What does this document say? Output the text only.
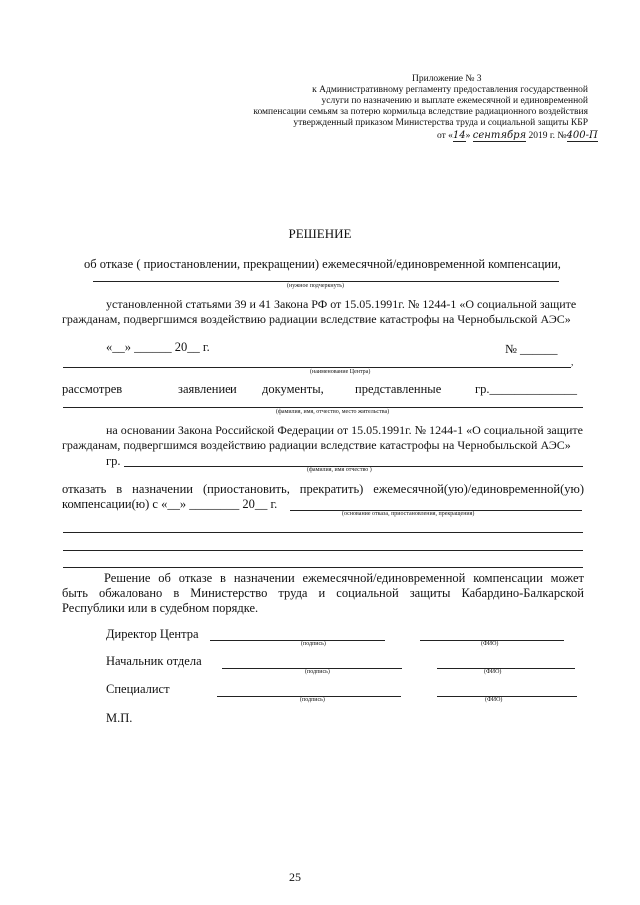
Приложение № 3
к Административному регламенту предоставления государственной
услуги по назначению и выплате ежемесячной и единовременной
компенсации семьям за потерю кормильца вследствие радиационного воздействия
утвержденный приказом Министерства труда и социальной защиты КБР
от «14» сентября 2019 г. №400-П
РЕШЕНИЕ
об отказе ( приостановлении, прекращении) ежемесячной/единовременной компенсации,
(нужное подчеркнуть)
установленной статьями 39 и 41 Закона РФ от 15.05.1991г. № 1244-1 «О социальной защите
гражданам, подвергшимся воздействию радиации вследствие катастрофы на Чернобыльской АЭС»
«__» ______ 20__ г.	№ ______
,
(наименование Центра)
рассмотрев	заявление и документы,	представленные	гр.______________
(фамилия, имя, отчество, место жительства)
на основании Закона Российской Федерации от 15.05.1991г. № 1244-1 «О социальной защите
гражданам, подвергшимся воздействию радиации вследствие катастрофы на Чернобыльской АЭС»
гр.
(фамилия, имя отчество )
отказать в назначении (приостановить, прекратить) ежемесячной(ую)/единовременной(ую)
компенсации(ю) с «__» ________ 20__ г.
(основание отказа, приостановления, прекращения)
Решение об отказе в назначении ежемесячной/единовременной компенсации может
быть обжаловано в Министерство труда и социальной защиты Кабардино-Балкарской
Республики или в судебном порядке.
Директор Центра
(подпись)	(ФИО)
Начальник отдела
(подпись)	(ФИО)
Специалист
(подпись)	(ФИО)
М.П.
25
